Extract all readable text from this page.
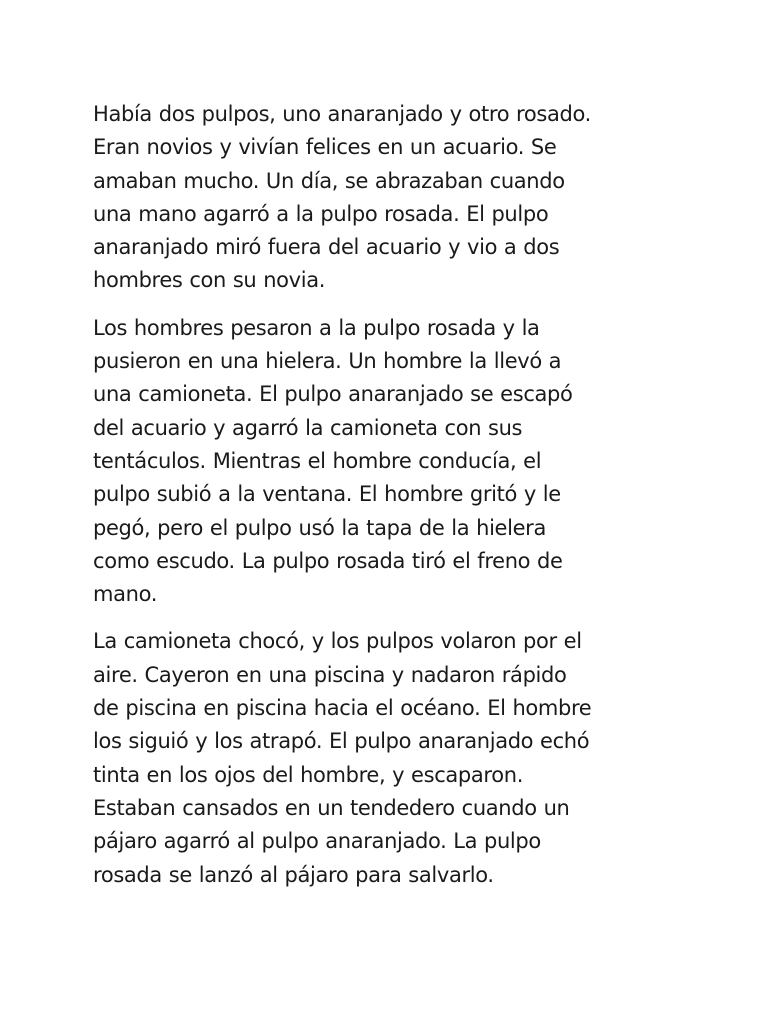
Había dos pulpos, uno anaranjado y otro rosado.
Eran novios y vivían felices en un acuario. Se
amaban mucho. Un día, se abrazaban cuando
una mano agarró a la pulpo rosada. El pulpo
anaranjado miró fuera del acuario y vio a dos
hombres con su novia.

Los hombres pesaron a la pulpo rosada y la
pusieron en una hielera. Un hombre la llevó a
una camioneta. El pulpo anaranjado se escapó
del acuario y agarró la camioneta con sus
tentáculos. Mientras el hombre conducía, el
pulpo subió a la ventana. El hombre gritó y le
pegó, pero el pulpo usó la tapa de la hielera
como escudo. La pulpo rosada tiró el freno de
mano.

La camioneta chocó, y los pulpos volaron por el
aire. Cayeron en una piscina y nadaron rápido
de piscina en piscina hacia el océano. El hombre
los siguió y los atrapó. El pulpo anaranjado echó
tinta en los ojos del hombre, y escaparon.
Estaban cansados en un tendedero cuando un
pájaro agarró al pulpo anaranjado. La pulpo
rosada se lanzó al pájaro para salvarlo.
